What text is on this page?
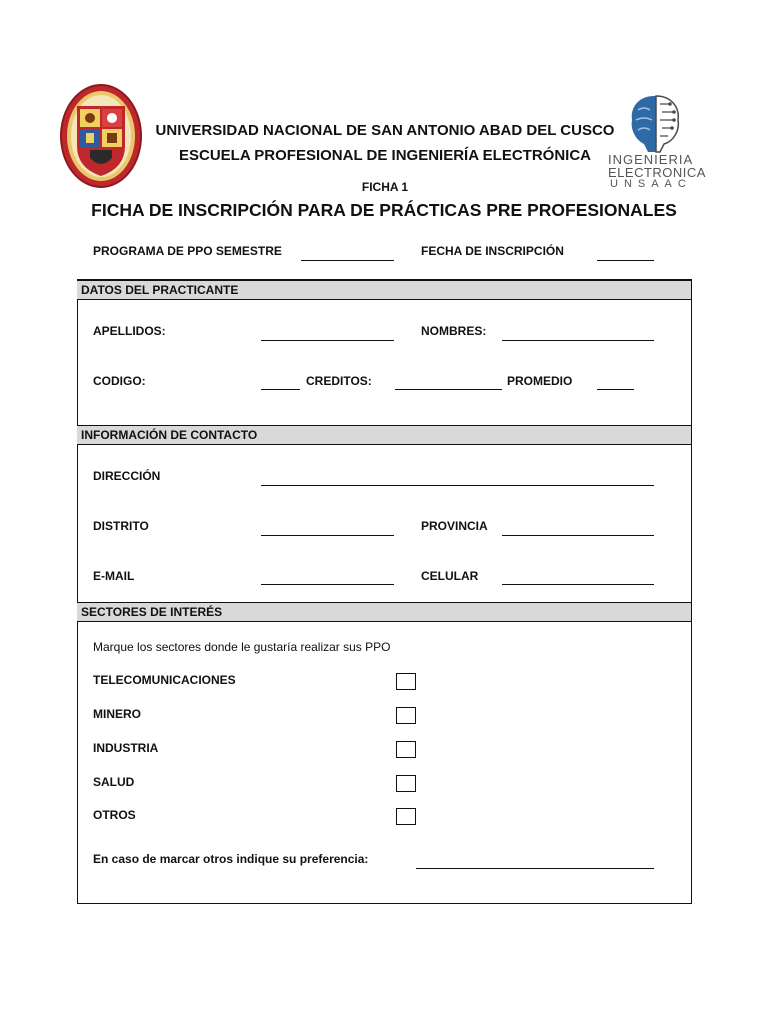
INGENIERIA
ELECTRONICA
UNSAAC
UNIVERSIDAD NACIONAL DE SAN ANTONIO ABAD DEL CUSCO
ESCUELA PROFESIONAL DE INGENIERÍA ELECTRÓNICA
FICHA 1
FICHA DE INSCRIPCIÓN PARA DE PRÁCTICAS PRE PROFESIONALES
PROGRAMA DE PPO SEMESTRE	FECHA DE INSCRIPCIÓN
DATOS DEL PRACTICANTE
APELLIDOS:	NOMBRES:
CODIGO:	CREDITOS:	PROMEDIO
INFORMACIÓN DE CONTACTO
DIRECCIÓN
DISTRITO	PROVINCIA
E-MAIL	CELULAR
SECTORES DE INTERÉS
Marque los sectores donde le gustaría realizar sus PPO
TELECOMUNICACIONES
MINERO
INDUSTRIA
SALUD
OTROS
En caso de marcar otros indique su preferencia:
